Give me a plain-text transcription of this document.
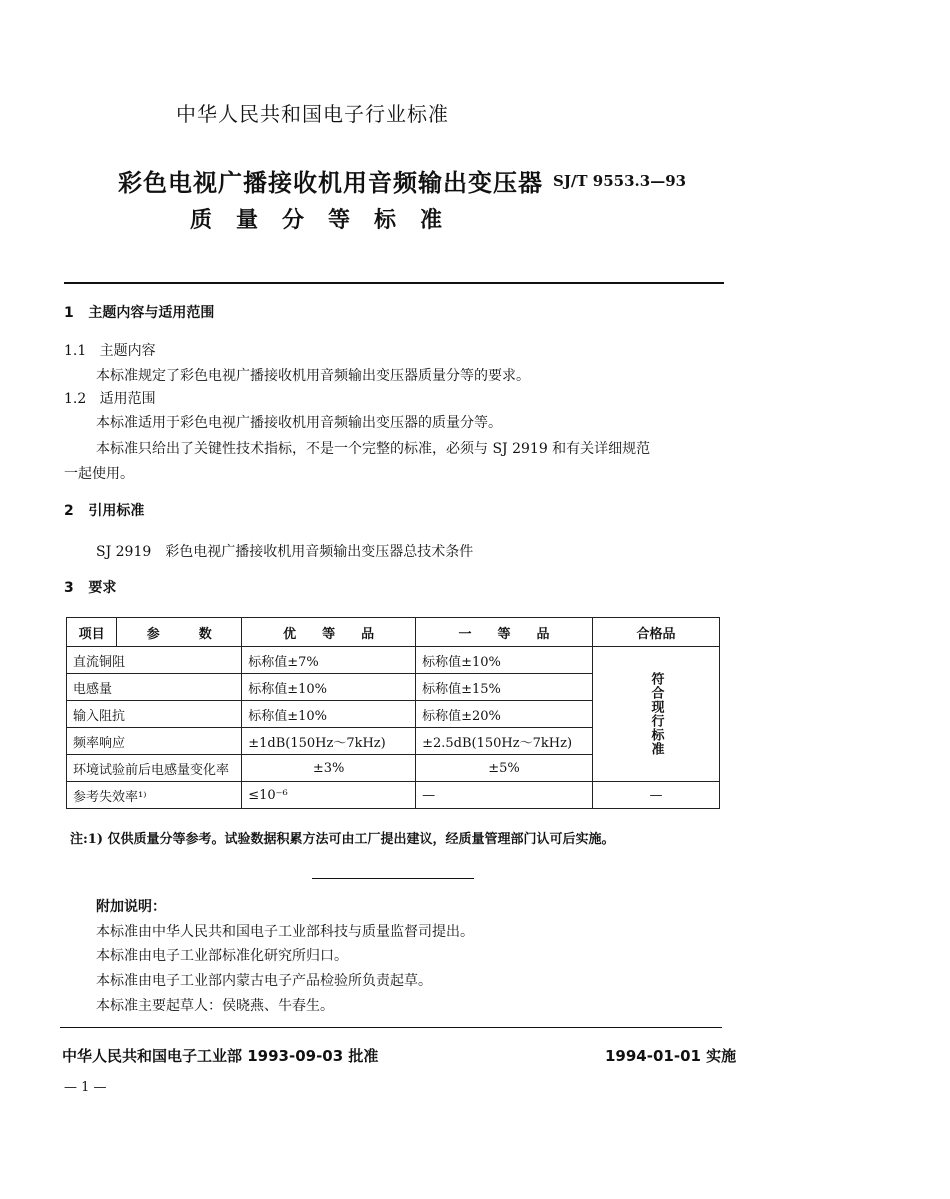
中华人民共和国电子行业标准
彩色电视广播接收机用音频输出变压器 SJ/T 9553.3—93
质量分等标准
1 主题内容与适用范围
1.1 主题内容
本标准规定了彩色电视广播接收机用音频输出变压器质量分等的要求。
1.2 适用范围
本标准适用于彩色电视广播接收机用音频输出变压器的质量分等。
本标准只给出了关键性技术指标，不是一个完整的标准，必须与 SJ 2919 和有关详细规范
一起使用。
2 引用标准
SJ 2919　彩色电视广播接收机用音频输出变压器总技术条件
3 要求
项目	参　　　数	优　　等　　品	一　　等　　品	合格品
直流铜阻		标称值±7%	标称值±10%	符合现行标准

电感量		标称值±10%	标称值±15%	
输入阻抗		标称值±10%	标称值±20%	
频率响应		±1dB(150Hz～7kHz)	±2.5dB(150Hz～7kHz)	
环境试验前后电感量变化率		±3%	±5%	
参考失效率¹⁾		≤10⁻⁶	—	—
注:1) 仅供质量分等参考。试验数据积累方法可由工厂提出建议，经质量管理部门认可后实施。
附加说明：
本标准由中华人民共和国电子工业部科技与质量监督司提出。
本标准由电子工业部标准化研究所归口。
本标准由电子工业部内蒙古电子产品检验所负责起草。
本标准主要起草人：侯晓燕、牛春生。
中华人民共和国电子工业部 1993-09-03 批准	1994-01-01 实施
— 1 —
